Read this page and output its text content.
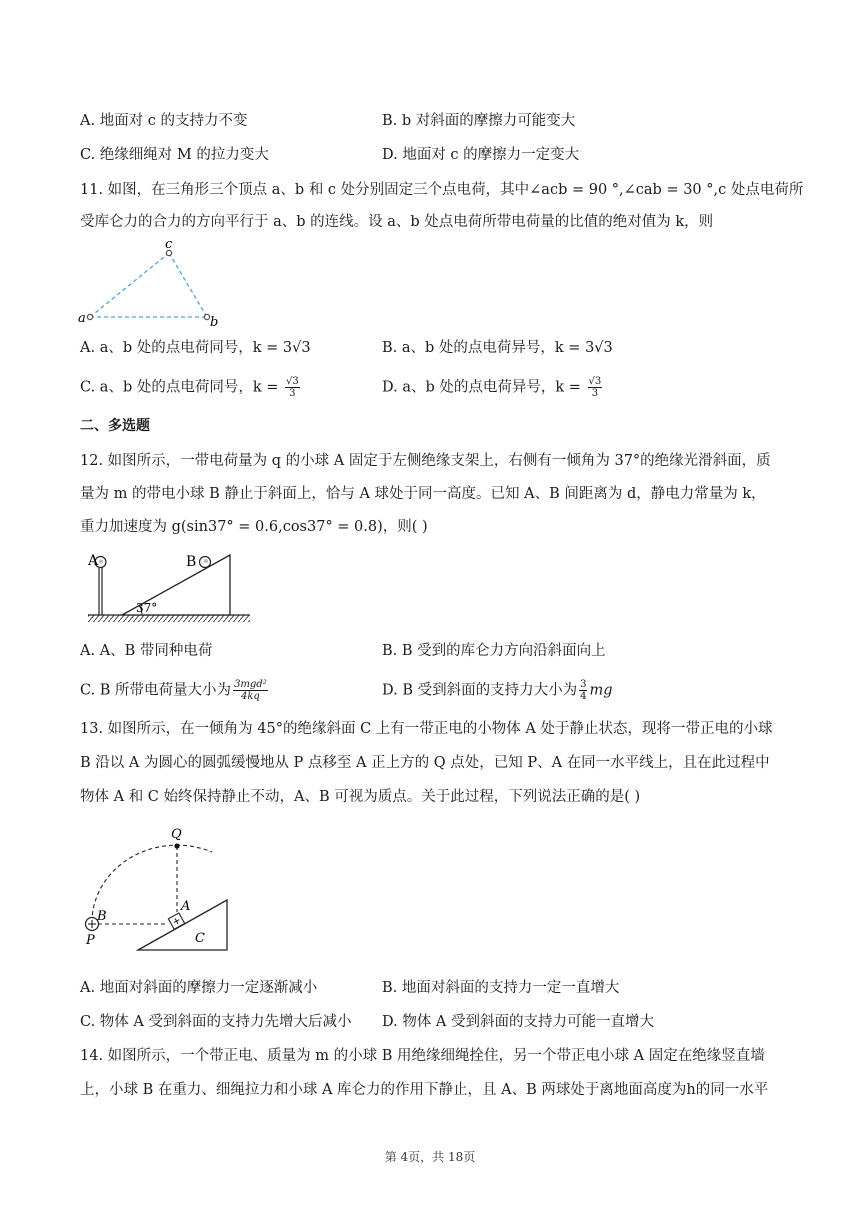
A. 地面对 c 的支持力不变	B. b 对斜面的摩擦力可能变大
C. 绝缘细绳对 M 的拉力变大	D. 地面对 c 的摩擦力一定变大
11. 如图，在三角形三个顶点 a、b 和 c 处分别固定三个点电荷，其中∠acb = 90 °,∠cab = 30 °,c 处点电荷所
受库仑力的合力的方向平行于 a、b 的连线。设 a、b 处点电荷所带电荷量的比值的绝对值为 k，则
a	b
c
A. a、b 处的点电荷同号，k = 3√3	B. a、b 处的点电荷异号，k = 3√3
C. a、b 处的点电荷同号，$k = \frac{√3}{3}$	D. a、b 处的点电荷异号，$k = \frac{√3}{3}$
二、多选题
12. 如图所示，一带电荷量为 q 的小球 A 固定于左侧绝缘支架上，右侧有一倾角为 37°的绝缘光滑斜面，质
量为 m 的带电小球 B 静止于斜面上，恰与 A 球处于同一高度。已知 A、B 间距离为 d，静电力常量为 k，
重力加速度为 g(sin37° = 0.6,cos37° = 0.8)，则( )
A	B
37°
A. A、B 带同种电荷	B. B 受到的库仑力方向沿斜面向上
C. B 所带电荷量大小为 $\frac{\text{3mgd²}}{4kq}$	D. B 受到斜面的支持力大小为 $\frac{3}{4}$ mg
13. 如图所示，在一倾角为 45°的绝缘斜面 C 上有一带正电的小物体 A 处于静止状态，现将一带正电的小球
B 沿以 A 为圆心的圆弧缓慢地从 P 点移至 A 正上方的 Q 点处，已知 P、A 在同一水平线上，且在此过程中
物体 A 和 C 始终保持静止不动，A、B 可视为质点。关于此过程，下列说法正确的是( )
Q
B
P
A
C
A. 地面对斜面的摩擦力一定逐渐减小	B. 地面对斜面的支持力一定一直增大
C. 物体 A 受到斜面的支持力先增大后减小 D. 物体 A 受到斜面的支持力可能一直增大
14. 如图所示，一个带正电、质量为 m 的小球 B 用绝缘细绳拴住，另一个带正电小球 A 固定在绝缘竖直墙
上，小球 B 在重力、细绳拉力和小球 A 库仑力的作用下静止，且 A、B 两球处于离地面高度为h的同一水平
第 4页，共 18页
